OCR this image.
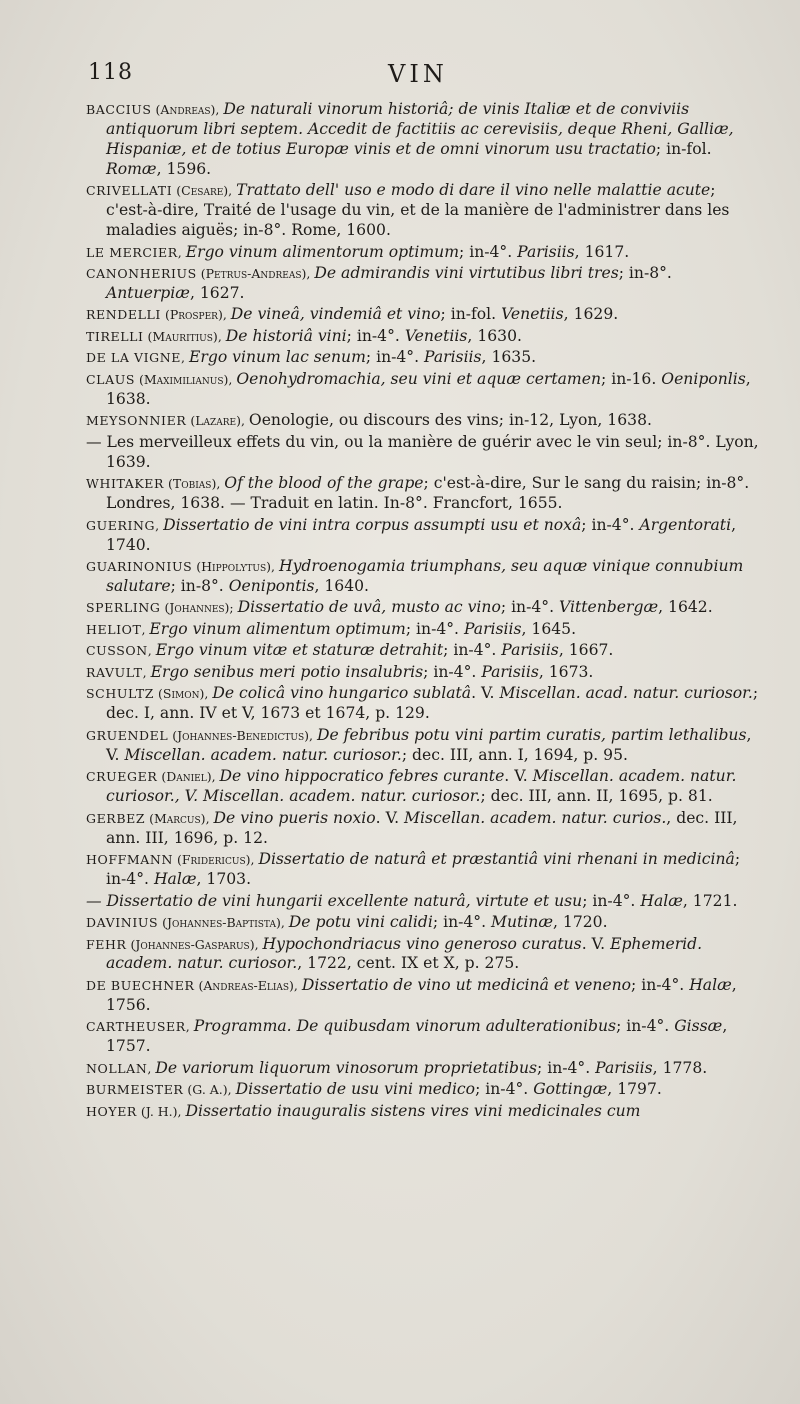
118	VIN

BACCIUS (Andreas), De naturali vinorum historiâ; de vinis Italiæ et de conviviis antiquorum libri septem. Accedit de factitiis ac cerevisiis, deque Rheni, Galliæ, Hispaniæ, et de totius Europæ vinis et de omni vinorum usu tractatio; in-fol. Romæ, 1596.

CRIVELLATI (Cesare), Trattato dell' uso e modo di dare il vino nelle malattie acute; c'est-à-dire, Traité de l'usage du vin, et de la manière de l'administrer dans les maladies aiguës; in-8°. Rome, 1600.

LE MERCIER, Ergo vinum alimentorum optimum; in-4°. Parisiis, 1617.

CANONHERIUS (Petrus-Andreas), De admirandis vini virtutibus libri tres; in-8°. Antuerpiæ, 1627.

RENDELLI (Prosper), De vineâ, vindemiâ et vino; in-fol. Venetiis, 1629.

TIRELLI (Mauritius), De historiâ vini; in-4°. Venetiis, 1630.

DE LA VIGNE, Ergo vinum lac senum; in-4°. Parisiis, 1635.

CLAUS (Maximilianus), Oenohydromachia, seu vini et aquæ certamen; in-16. Oeniponlis, 1638.

MEYSONNIER (Lazare), Oenologie, ou discours des vins; in-12, Lyon, 1638.

— Les merveilleux effets du vin, ou la manière de guérir avec le vin seul; in-8°. Lyon, 1639.

WHITAKER (Tobias), Of the blood of the grape; c'est-à-dire, Sur le sang du raisin; in-8°. Londres, 1638. — Traduit en latin. In-8°. Francfort, 1655.

GUERING, Dissertatio de vini intra corpus assumpti usu et noxâ; in-4°. Argentorati, 1740.

GUARINONIUS (Hippolytus), Hydroenogamia triumphans, seu aquæ vinique connubium salutare; in-8°. Oenipontis, 1640.

SPERLING (Johannes); Dissertatio de uvâ, musto ac vino; in-4°. Vittenbergæ, 1642.

HELIOT, Ergo vinum alimentum optimum; in-4°. Parisiis, 1645.

CUSSON, Ergo vinum vitæ et staturæ detrahit; in-4°. Parisiis, 1667.

RAVULT, Ergo senibus meri potio insalubris; in-4°. Parisiis, 1673.

SCHULTZ (Simon), De colicâ vino hungarico sublatâ. V. Miscellan. acad. natur. curiosor.; dec. I, ann. IV et V, 1673 et 1674, p. 129.

GRUENDEL (Johannes-Benedictus), De febribus potu vini partim curatis, partim lethalibus, V. Miscellan. academ. natur. curiosor.; dec. III, ann. I, 1694, p. 95.

CRUEGER (Daniel), De vino hippocratico febres curante. V. Miscellan. academ. natur. curiosor., V. Miscellan. academ. natur. curiosor.; dec. III, ann. II, 1695, p. 81.

GERBEZ (Marcus), De vino pueris noxio. V. Miscellan. academ. natur. curios., dec. III, ann. III, 1696, p. 12.

HOFFMANN (Fridericus), Dissertatio de naturâ et præstantiâ vini rhenani in medicinâ; in-4°. Halæ, 1703.

— Dissertatio de vini hungarii excellente naturâ, virtute et usu; in-4°. Halæ, 1721.

DAVINIUS (Johannes-Baptista), De potu vini calidi; in-4°. Mutinæ, 1720.

FEHR (Johannes-Gasparus), Hypochondriacus vino generoso curatus. V. Ephemerid. academ. natur. curiosor., 1722, cent. IX et X, p. 275.

DE BUECHNER (Andreas-Elias), Dissertatio de vino ut medicinâ et veneno; in-4°. Halæ, 1756.

CARTHEUSER, Programma. De quibusdam vinorum adulterationibus; in-4°. Gissæ, 1757.

NOLLAN, De variorum liquorum vinosorum proprietatibus; in-4°. Parisiis, 1778.

BURMEISTER (G. A.), Dissertatio de usu vini medico; in-4°. Gottingæ, 1797.

HOYER (J. H.), Dissertatio inauguralis sistens vires vini medicinales cum
